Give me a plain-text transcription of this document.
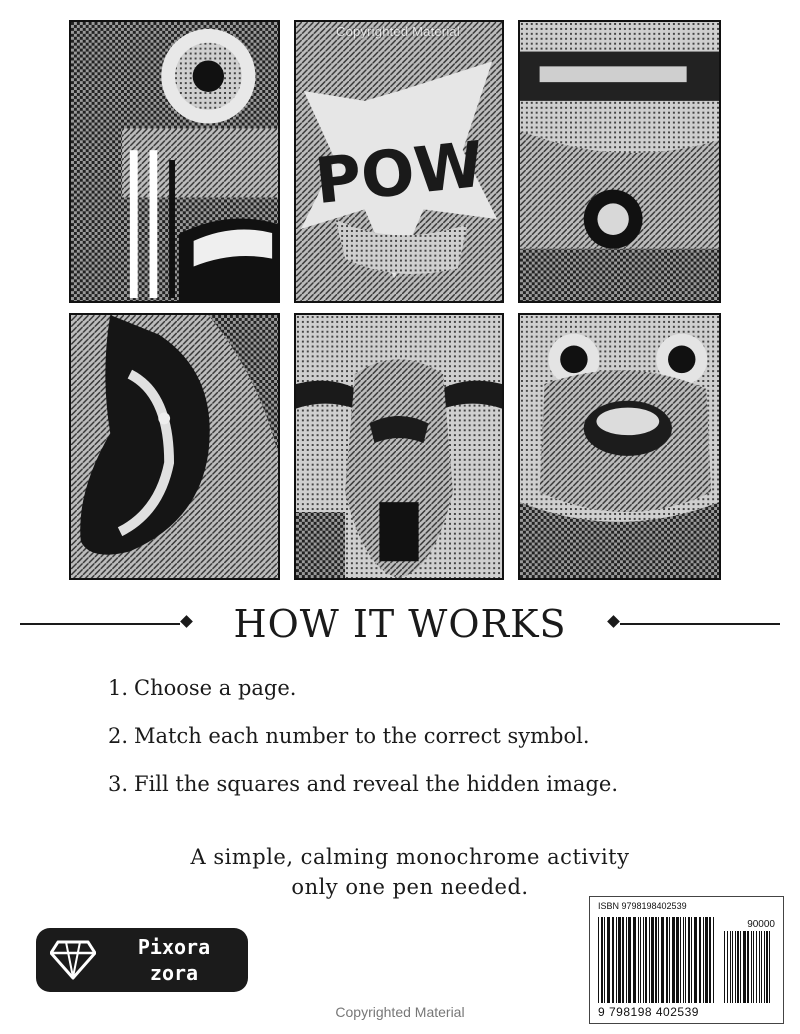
POW
Copyrighted Material
HOW IT WORKS
1. Choose a page.
2. Match each number to the correct symbol.
3. Fill the squares and reveal the hidden image.
A simple, calming monochrome activity
only one pen needed.
Pixora
zora
Copyrighted Material
ISBN 9798198402539
90000
9 798198 402539
